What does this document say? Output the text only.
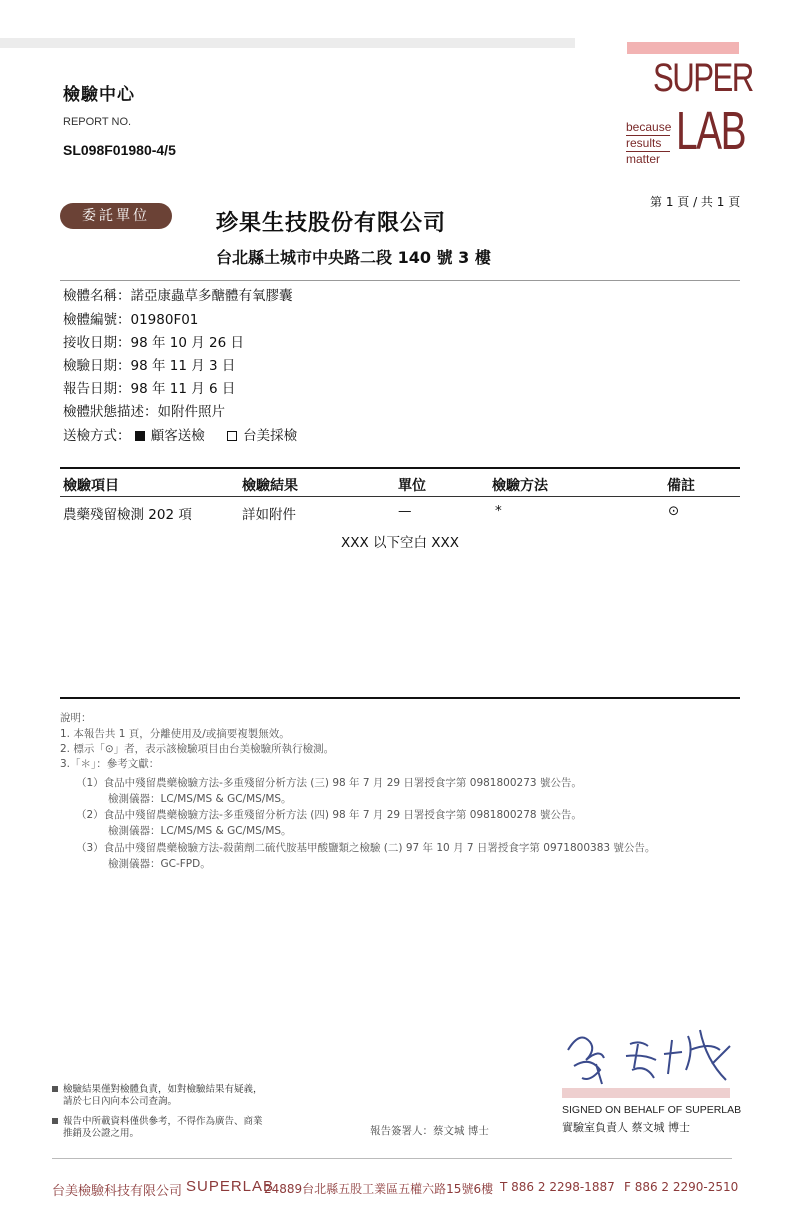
SUPER
LAB
because
results
matter
檢驗中心
REPORT NO.
SL098F01980-4/5
第 1 頁 / 共 1 頁
委託單位	珍果生技股份有限公司
台北縣土城市中央路二段 140 號 3 樓
檢體名稱：諾亞康蟲草多醣體有氧膠囊
檢體編號：01980F01
接收日期：98 年 10 月 26 日
檢驗日期：98 年 11 月 3 日
報告日期：98 年 11 月 6 日
檢體狀態描述：如附件照片
送檢方式： 顧客送檢	台美採檢
檢驗項目	檢驗結果	單位	檢驗方法	備註
農藥殘留檢測 202 項	詳如附件	—	*	⊙
XXX 以下空白 XXX
說明：
1. 本報告共 1 頁，分離使用及/或摘要複製無效。
2. 標示「⊙」者，表示該檢驗項目由台美檢驗所執行檢測。
3.「＊」：參考文獻：
（1）食品中殘留農藥檢驗方法-多重殘留分析方法 (三) 98 年 7 月 29 日署授食字第 0981800273 號公告。
檢測儀器：LC/MS/MS & GC/MS/MS。
（2）食品中殘留農藥檢驗方法-多重殘留分析方法 (四) 98 年 7 月 29 日署授食字第 0981800278 號公告。
檢測儀器：LC/MS/MS & GC/MS/MS。
（3）食品中殘留農藥檢驗方法-殺菌劑二硫代胺基甲酸鹽類之檢驗 (二) 97 年 10 月 7 日署授食字第 0971800383 號公告。
檢測儀器：GC-FPD。
SIGNED ON BEHALF OF SUPERLAB
實驗室負責人 蔡文城 博士
報告簽署人：蔡文城 博士
檢驗結果僅對檢體負責，如對檢驗結果有疑義，
請於七日內向本公司查詢。
報告中所載資料僅供參考，不得作為廣告、商業
推銷及公證之用。
台美檢驗科技有限公司 SUPERLAB
24889台北縣五股工業區五權六路15號6樓 T 886 2 2298-1887 F 886 2 2290-2510
